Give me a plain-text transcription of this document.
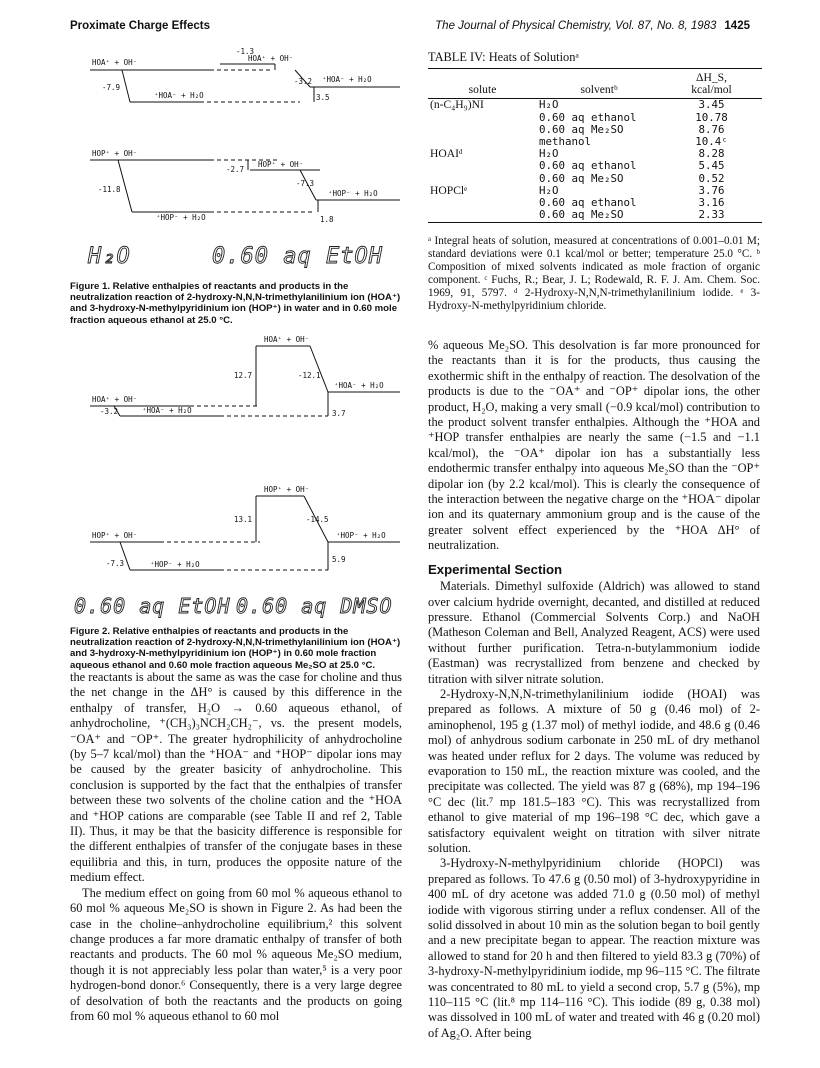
Proximate Charge Effects	The Journal of Physical Chemistry, Vol. 87, No. 8, 1983 1425
HOA⁺ + OH⁻	HOA⁺ + OH⁻
⁺HOA⁻ + H₂O
⁺HOA⁻ + H₂O
-1.3
-7.9
-3.2
3.5
HOP⁺ + OH⁻
HOP⁺ + OH⁻
⁺HOP⁻ + H₂O
⁺HOP⁻ + H₂O
-2.7
-11.8
-7.3
1.8
H₂O	0.60 aq EtOH
Figure 1. Relative enthalpies of reactants and products in the neutralization reaction of 2-hydroxy-N,N,N-trimethylanilinium ion (HOA⁺) and 3-hydroxy-N-methylpyridinium ion (HOP⁺) in water and in 0.60 mole fraction aqueous ethanol at 25.0 °C.
HOA⁺ + OH⁻
HOA⁺ + OH⁻
⁺HOA⁻ + H₂O
⁺HOA⁻ + H₂O
12.7	-12.1
-3.2	3.7
HOP⁺ + OH⁻
HOP⁺ + OH⁻
⁺HOP⁻ + H₂O
⁺HOP⁻ + H₂O
13.1	-14.5
-7.3	5.9
0.60 aq EtOH 0.60 aq DMSO
Figure 2. Relative enthalpies of reactants and products in the neutralization reaction of 2-hydroxy-N,N,N-trimethylanilinium ion (HOA⁺) and 3-hydroxy-N-methylpyridinium ion (HOP⁺) in 0.60 mole fraction aqueous ethanol and 0.60 mole fraction aqueous Me₂SO at 25.0 °C.

the reactants is about the same as was the case for choline and thus the net change in the ΔH° is caused by this difference in the enthalpy of transfer, H₂O → 0.60 aqueous ethanol, of anhydrocholine, ⁺(CH₃)₃NCH₂CH₂⁻, vs. the present models, ⁻OA⁺ and ⁻OP⁺. The greater hydrophilicity of anhydrocholine (by 5–7 kcal/mol) than the ⁺HOA⁻ and ⁺HOP⁻ dipolar ions may be caused by the greater basicity of anhydrocholine. This conclusion is supported by the fact that the enthalpies of transfer between these two solvents of the choline cation and the ⁺HOA and ⁺HOP cations are comparable (see Table II and ref 2, Table II). Thus, it may be that the basicity difference is responsible for the different enthalpies of transfer of the conjugate bases in these equilibria and this, in turn, produces the opposite nature of the medium effect.

The medium effect on going from 60 mol % aqueous ethanol to 60 mol % aqueous Me₂SO is shown in Figure 2. As had been the case in the choline–anhydrocholine equilibrium,² this solvent change produces a far more dramatic enthalpy of transfer of both reactants and products. The 60 mol % aqueous Me₂SO medium, though it is not appreciably less polar than water,⁵ is a very poor hydrogen-bond donor.⁶ Consequently, there is a very large degree of desolvation of both the reactants and the products on going from 60 mol % aqueous ethanol to 60 mol

TABLE IV: Heats of Solutionᵃ

solute	solventᵇ	ΔH_S,
kcal/mol
(n-C₄H₉)NI	H₂O	3.45
	0.60 aq ethanol	10.78
	0.60 aq Me₂SO	8.76
	methanol	10.4ᶜ
HOAIᵈ	H₂O	8.28
	0.60 aq ethanol	5.45
	0.60 aq Me₂SO	0.52
HOPClᵉ	H₂O	3.76
	0.60 aq ethanol	3.16
	0.60 aq Me₂SO	2.33
ᵃ Integral heats of solution, measured at concentrations of 0.001–0.01 M; standard deviations were 0.1 kcal/mol or better; temperature 25.0 °C. ᵇ Composition of mixed solvents indicated as mole fraction of organic component. ᶜ Fuchs, R.; Bear, J. L; Rodewald, R. F. J. Am. Chem. Soc. 1969, 91, 5797. ᵈ 2-Hydroxy-N,N,N-trimethylanilinium iodide. ᵉ 3-Hydroxy-N-methylpyridinium chloride.

% aqueous Me₂SO. This desolvation is far more pronounced for the reactants than it is for the products, thus causing the exothermic shift in the enthalpy of reaction. The desolvation of the products is due to the ⁻OA⁺ and ⁻OP⁺ dipolar ions, the other product, H₂O, making a very small (−0.9 kcal/mol) contribution to the product solvent transfer enthalpies. Although the ⁺HOA and ⁺HOP transfer enthalpies are nearly the same (−1.5 and −1.1 kcal/mol), the ⁻OA⁺ dipolar ion has a substantially less endothermic transfer enthalpy into aqueous Me₂SO than the ⁻OP⁺ dipolar ion (by 2.2 kcal/mol). This is clearly the consequence of the interaction between the negative charge on the ⁺HOA⁻ dipolar ion and its quaternary ammonium group and is the cause of the greater solvent effect experienced by the ⁺HOA ΔH° of neutralization.

Experimental Section

Materials. Dimethyl sulfoxide (Aldrich) was allowed to stand over calcium hydride overnight, decanted, and distilled at reduced pressure. Ethanol (Commercial Solvents Corp.) and NaOH (Matheson Coleman and Bell, Analyzed Reagent, ACS) were used without further purification. Tetra-n-butylammonium iodide (Eastman) was recrystallized from benzene and checked by titration with silver nitrate solution.

2-Hydroxy-N,N,N-trimethylanilinium iodide (HOAI) was prepared as follows. A mixture of 50 g (0.46 mol) of 2-aminophenol, 195 g (1.37 mol) of methyl iodide, and 48.6 g (0.46 mol) of anhydrous sodium carbonate in 250 mL of dry methanol was heated under reflux for 2 days. The volume was reduced by evaporation to 150 mL, the reaction mixture was cooled, and the precipitate was collected. The yield was 87 g (68%), mp 194–196 °C dec (lit.⁷ mp 181.5–183 °C). This was recrystallized from ethanol to give material of mp 196–198 °C dec, which gave a satisfactory equivalent weight on titration with silver nitrate solution.

3-Hydroxy-N-methylpyridinium chloride (HOPCl) was prepared as follows. To 47.6 g (0.50 mol) of 3-hydroxypyridine in 400 mL of dry acetone was added 71.0 g (0.50 mol) of methyl iodide with vigorous stirring under a reflux condenser. All of the solid dissolved in about 10 min as the solution began to boil gently and a new precipitate began to appear. The reaction mixture was allowed to stand for 20 h and then filtered to yield 83.3 g (70%) of 3-hydroxy-N-methylpyridinium iodide, mp 96–115 °C. The filtrate was concentrated to 80 mL to yield a second crop, 5.7 g (5%), mp 110–115 °C (lit.⁸ mp 114–116 °C). This iodide (89 g, 0.38 mol) was dissolved in 100 mL of water and treated with 46 g (0.20 mol) of Ag₂O. After being
